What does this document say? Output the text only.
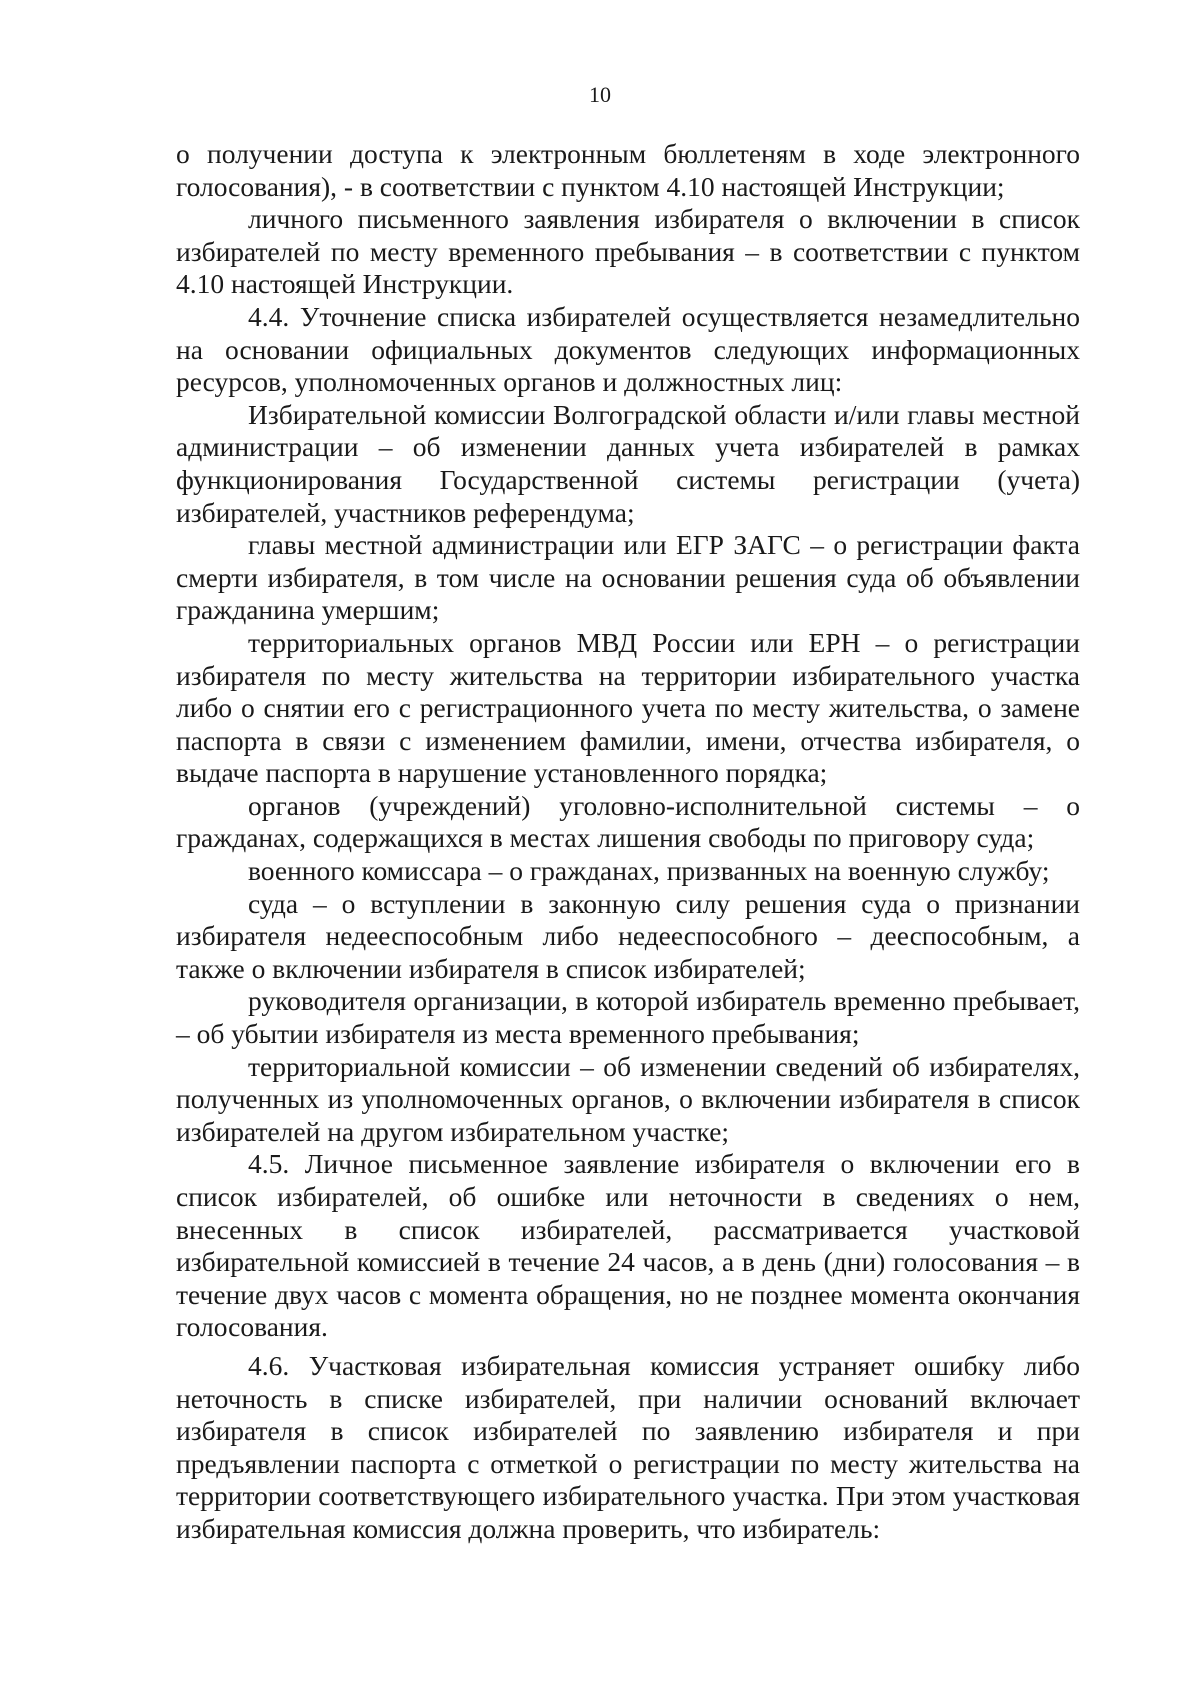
10

о получении доступа к электронным бюллетеням в ходе электронного голосования), - в соответствии с пунктом 4.10 настоящей Инструкции;

личного письменного заявления избирателя о включении в список избирателей по месту временного пребывания – в соответствии с пунктом 4.10 настоящей Инструкции.

4.4. Уточнение списка избирателей осуществляется незамедлительно на основании официальных документов следующих информационных ресурсов, уполномоченных органов и должностных лиц:

Избирательной комиссии Волгоградской области и/или главы местной администрации – об изменении данных учета избирателей в рамках функционирования Государственной системы регистрации (учета) избирателей, участников референдума;

главы местной администрации или ЕГР ЗАГС – о регистрации факта смерти избирателя, в том числе на основании решения суда об объявлении гражданина умершим;

территориальных органов МВД России или ЕРН – о регистрации избирателя по месту жительства на территории избирательного участка либо о снятии его с регистрационного учета по месту жительства, о замене паспорта в связи с изменением фамилии, имени, отчества избирателя, о выдаче паспорта в нарушение установленного порядка;

органов (учреждений) уголовно-исполнительной системы – о гражданах, содержащихся в местах лишения свободы по приговору суда;

военного комиссара – о гражданах, призванных на военную службу;

суда – о вступлении в законную силу решения суда о признании избирателя недееспособным либо недееспособного – дееспособным, а также о включении избирателя в список избирателей;

руководителя организации, в которой избиратель временно пребывает, – об убытии избирателя из места временного пребывания;

территориальной комиссии – об изменении сведений об избирателях, полученных из уполномоченных органов, о включении избирателя в список избирателей на другом избирательном участке;

4.5. Личное письменное заявление избирателя о включении его в список избирателей, об ошибке или неточности в сведениях о нем, внесенных в список избирателей, рассматривается участковой избирательной комиссией в течение 24 часов, а в день (дни) голосования – в течение двух часов с момента обращения, но не позднее момента окончания голосования.

4.6. Участковая избирательная комиссия устраняет ошибку либо неточность в списке избирателей, при наличии оснований включает избирателя в список избирателей по заявлению избирателя и при предъявлении паспорта с отметкой о регистрации по месту жительства на территории соответствующего избирательного участка. При этом участковая избирательная комиссия должна проверить, что избиратель:
